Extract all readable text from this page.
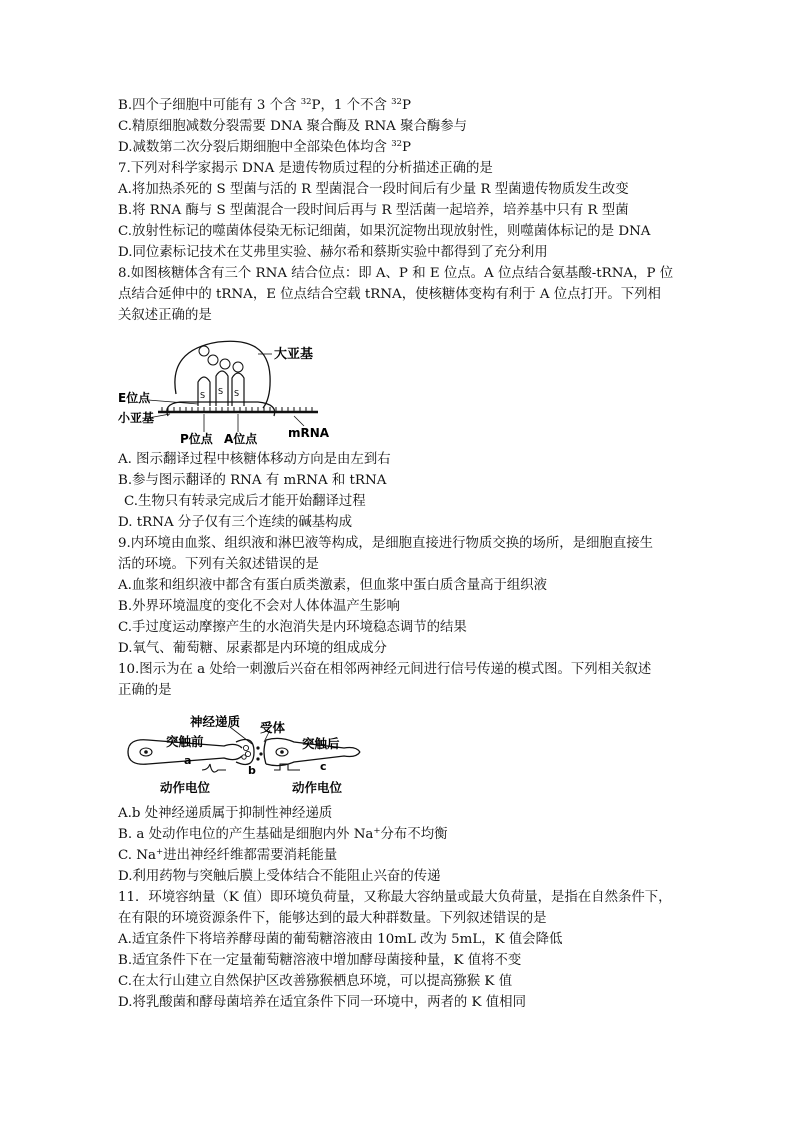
B.四个子细胞中可能有 3 个含 $^{32}$P，1 个不含 $^{32}$P
C.精原细胞减数分裂需要 DNA 聚合酶及 RNA 聚合酶参与
D.减数第二次分裂后期细胞中全部染色体均含 $^{32}$P
7.下列对科学家揭示 DNA 是遗传物质过程的分析描述正确的是
A.将加热杀死的 S 型菌与活的 R 型菌混合一段时间后有少量 R 型菌遗传物质发生改变
B.将 RNA 酶与 S 型菌混合一段时间后再与 R 型活菌一起培养，培养基中只有 R 型菌
C.放射性标记的噬菌体侵染无标记细菌，如果沉淀物出现放射性，则噬菌体标记的是 DNA
D.同位素标记技术在艾弗里实验、赫尔希和蔡斯实验中都得到了充分利用
8.如图核糖体含有三个 RNA 结合位点：即 A、P 和 E 位点。A 位点结合氨基酸-tRNA，P 位
点结合延伸中的 tRNA，E 位点结合空载 tRNA，使核糖体变构有利于 A 位点打开。下列相
关叙述正确的是
S S S
大亚基
E位点
小亚基
P位点 A位点	mRNA
A. 图示翻译过程中核糖体移动方向是由左到右
B.参与图示翻译的 RNA 有 mRNA 和 tRNA
C.生物只有转录完成后才能开始翻译过程
D. tRNA 分子仅有三个连续的碱基构成
9.内环境由血浆、组织液和淋巴液等构成，是细胞直接进行物质交换的场所，是细胞直接生
活的环境。下列有关叙述错误的是
A.血浆和组织液中都含有蛋白质类激素，但血浆中蛋白质含量高于组织液
B.外界环境温度的变化不会对人体体温产生影响
C.手过度运动摩擦产生的水泡消失是内环境稳态调节的结果
D.氧气、葡萄糖、尿素都是内环境的组成成分
10.图示为在 a 处给一刺激后兴奋在相邻两神经元间进行信号传递的模式图。下列相关叙述
正确的是
神经递质 受体
突触前	突触后
a
b	c
动作电位	动作电位
A.b 处神经递质属于抑制性神经递质
B. a 处动作电位的产生基础是细胞内外 Na+分布不均衡
C. Na+进出神经纤维都需要消耗能量
D.利用药物与突触后膜上受体结合不能阻止兴奋的传递
11．环境容纳量（K 值）即环境负荷量，又称最大容纳量或最大负荷量，是指在自然条件下，
在有限的环境资源条件下，能够达到的最大种群数量。下列叙述错误的是
A.适宜条件下将培养酵母菌的葡萄糖溶液由 10mL 改为 5mL，K 值会降低
B.适宜条件下在一定量葡萄糖溶液中增加酵母菌接种量，K 值将不变
C.在太行山建立自然保护区改善猕猴栖息环境，可以提高猕猴 K 值
D.将乳酸菌和酵母菌培养在适宜条件下同一环境中，两者的 K 值相同
